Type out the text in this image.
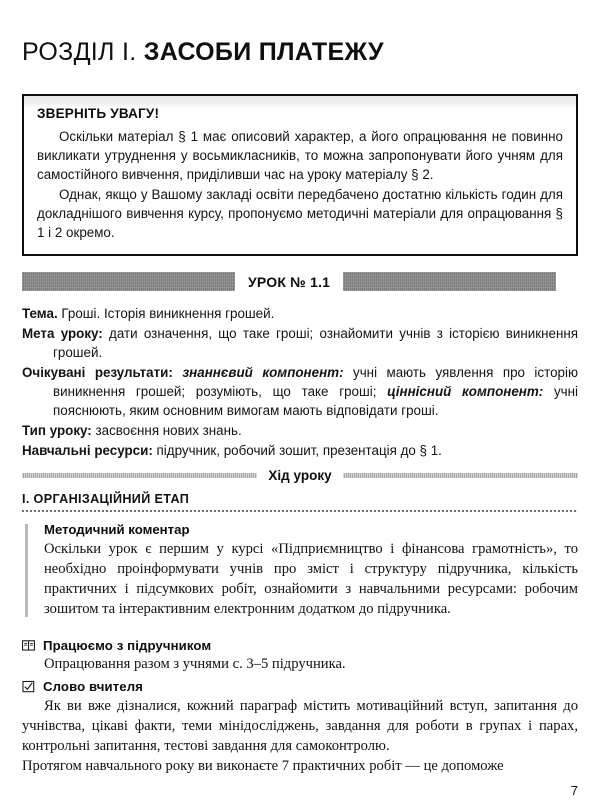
РОЗДІЛ І. ЗАСОБИ ПЛАТЕЖУ
ЗВЕРНІТЬ УВАГУ!

Оскільки матеріал § 1 має описовий характер, а його опрацювання не повинно викликати утруднення у восьмикласників, то можна запропонувати його учням для самостійного вивчення, приділивши час на уроку матеріалу § 2.

Однак, якщо у Вашому закладі освіти передбачено достатню кількість годин для докладнішого вивчення курсу, пропонуємо методичні матеріали для опрацювання § 1 і 2 окремо.

УРОК № 1.1

Тема. Гроші. Історія виникнення грошей.

Мета уроку: дати означення, що таке гроші; ознайомити учнів з історією виникнення грошей.

Очікувані результати: знаннєвий компонент: учні мають уявлення про історію виникнення грошей; розуміють, що таке гроші; ціннісний компонент: учні пояснюють, яким основним вимогам мають відповідати гроші.

Тип уроку: засвоєння нових знань.

Навчальні ресурси: підручник, робочий зошит, презентація до § 1.

Хід уроку
І. ОРГАНІЗАЦІЙНИЙ ЕТАП
Методичний коментар

Оскільки урок є першим у курсі «Підприємництво і фінансова грамотність», то необхідно проінформувати учнів про зміст і структуру підручника, кількість практичних і підсумкових робіт, ознайомити з навчальними ресурсами: робочим зошитом та інтерактивним електронним додатком до підручника.

Працюємо з підручником

Опрацювання разом з учнями с. 3–5 підручника.

Слово вчителя

Як ви вже дізналися, кожний параграф містить мотиваційний вступ, запитання до учнівства, цікаві факти, теми мінідосліджень, завдання для роботи в групах і парах, контрольні запитання, тестові завдання для самоконтролю.

Протягом навчального року ви виконаєте 7 практичних робіт — це допоможе

7
